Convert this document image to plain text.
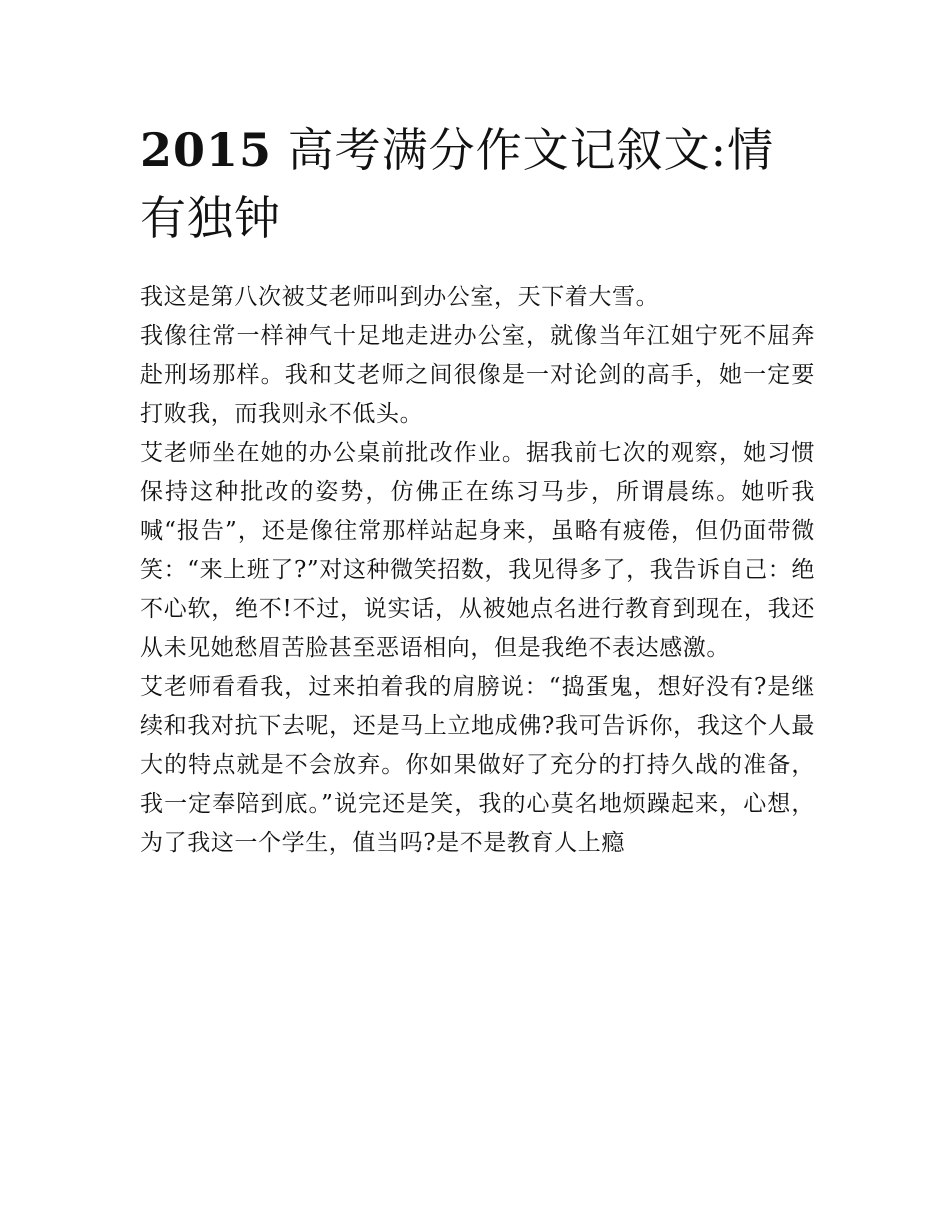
2015 高考满分作文记叙文:情有独钟

我这是第八次被艾老师叫到办公室，天下着大雪。

我像往常一样神气十足地走进办公室，就像当年江姐宁死不屈奔赴刑场那样。我和艾老师之间很像是一对论剑的高手，她一定要打败我，而我则永不低头。

艾老师坐在她的办公桌前批改作业。据我前七次的观察，她习惯保持这种批改的姿势，仿佛正在练习马步，所谓晨练。她听我喊“报告”，还是像往常那样站起身来，虽略有疲倦，但仍面带微笑：“来上班了?”对这种微笑招数，我见得多了，我告诉自己：绝不心软，绝不!不过，说实话，从被她点名进行教育到现在，我还从未见她愁眉苦脸甚至恶语相向，但是我绝不表达感激。

艾老师看看我，过来拍着我的肩膀说：“捣蛋鬼，想好没有?是继续和我对抗下去呢，还是马上立地成佛?我可告诉你，我这个人最大的特点就是不会放弃。你如果做好了充分的打持久战的准备，我一定奉陪到底。”说完还是笑，我的心莫名地烦躁起来，心想，为了我这一个学生，值当吗?是不是教育人上瘾
